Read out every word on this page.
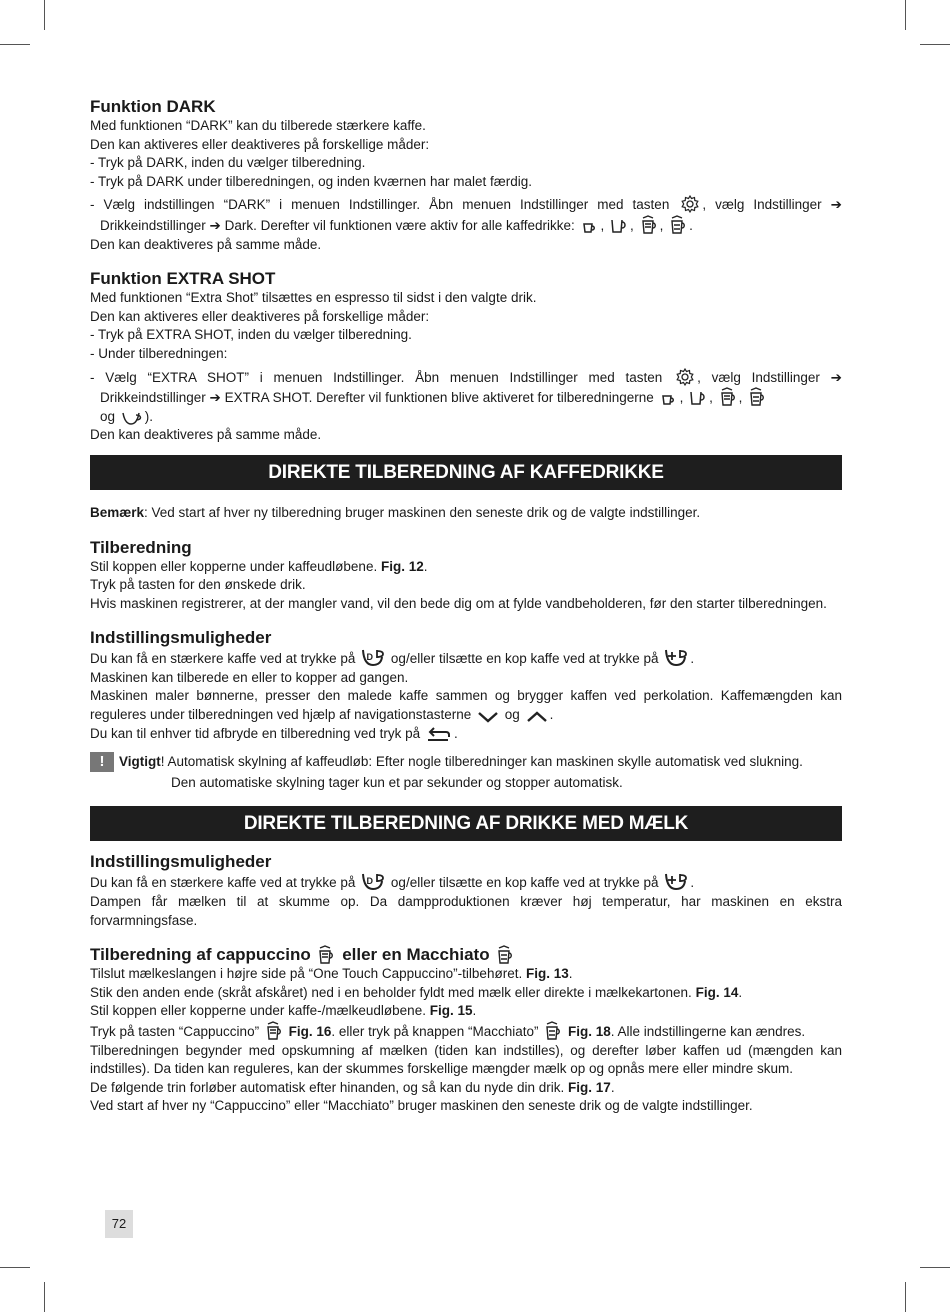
Funktion DARK

Med funktionen “DARK” kan du tilberede stærkere kaffe.

Den kan aktiveres eller deaktiveres på forskellige måder:

- Tryk på DARK, inden du vælger tilberedning.

- Tryk på DARK under tilberedningen, og inden kværnen har malet færdig.

- Vælg indstillingen “DARK” i menuen Indstillinger. Åbn menuen Indstillinger med tasten , vælg Indstillinger ➔ Drikkeindstillinger ➔ Dark. Derefter vil funktionen være aktiv for alle kaffedrikke: , , , .

Den kan deaktiveres på samme måde.

Funktion EXTRA SHOT

Med funktionen “Extra Shot” tilsættes en espresso til sidst i den valgte drik.

Den kan aktiveres eller deaktiveres på forskellige måder:

- Tryk på EXTRA SHOT, inden du vælger tilberedning.

- Under tilberedningen:

- Vælg “EXTRA SHOT” i menuen Indstillinger. Åbn menuen Indstillinger med tasten	, vælg Indstillinger ➔ Drikkeindstillinger ➔ EXTRA SHOT. Derefter vil funktionen blive aktiveret for tilberedningerne , , ,

og ).

Den kan deaktiveres på samme måde.

DIREKTE TILBEREDNING AF KAFFEDRIKKE

Bemærk: Ved start af hver ny tilberedning bruger maskinen den seneste drik og de valgte indstillinger.

Tilberedning

Stil koppen eller kopperne under kaffeudløbene. Fig. 12.

Tryk på tasten for den ønskede drik.

Hvis maskinen registrerer, at der mangler vand, vil den bede dig om at fylde vandbeholderen, før den starter tilberedningen.

Indstillingsmuligheder

Du kan få en stærkere kaffe ved at trykke på D og/eller tilsætte en kop kaffe ved at trykke på .

Maskinen kan tilberede en eller to kopper ad gangen.

Maskinen maler bønnerne, presser den malede kaffe sammen og brygger kaffen ved perkolation. Kaffemængden kan reguleres under tilberedningen ved hjælp af navigationstasterne og .

Du kan til enhver tid afbryde en tilberedning ved tryk på	.

!	Vigtigt! Automatisk skylning af kaffeudløb: Efter nogle tilberedninger kan maskinen skylle automatisk ved slukning.

Den automatiske skylning tager kun et par sekunder og stopper automatisk.

DIREKTE TILBEREDNING AF DRIKKE MED MÆLK
Indstillingsmuligheder

Du kan få en stærkere kaffe ved at trykke på D og/eller tilsætte en kop kaffe ved at trykke på .

Dampen får mælken til at skumme op. Da dampproduktionen kræver høj temperatur, har maskinen en ekstra forvarmningsfase.

Tilberedning af cappuccino eller en Macchiato

Tilslut mælkeslangen i højre side på “One Touch Cappuccino”-tilbehøret. Fig. 13.

Stik den anden ende (skråt afskåret) ned i en beholder fyldt med mælk eller direkte i mælkekartonen. Fig. 14.

Stil koppen eller kopperne under kaffe-/mælkeudløbene. Fig. 15.

Tryk på tasten “Cappuccino” Fig. 16. eller tryk på knappen “Macchiato” Fig. 18. Alle indstillingerne kan ændres.

Tilberedningen begynder med opskumning af mælken (tiden kan indstilles), og derefter løber kaffen ud (mængden kan indstilles). Da tiden kan reguleres, kan der skummes forskellige mængder mælk op og opnås mere eller mindre skum.

De følgende trin forløber automatisk efter hinanden, og så kan du nyde din drik. Fig. 17.

Ved start af hver ny “Cappuccino” eller “Macchiato” bruger maskinen den seneste drik og de valgte indstillinger.

72
